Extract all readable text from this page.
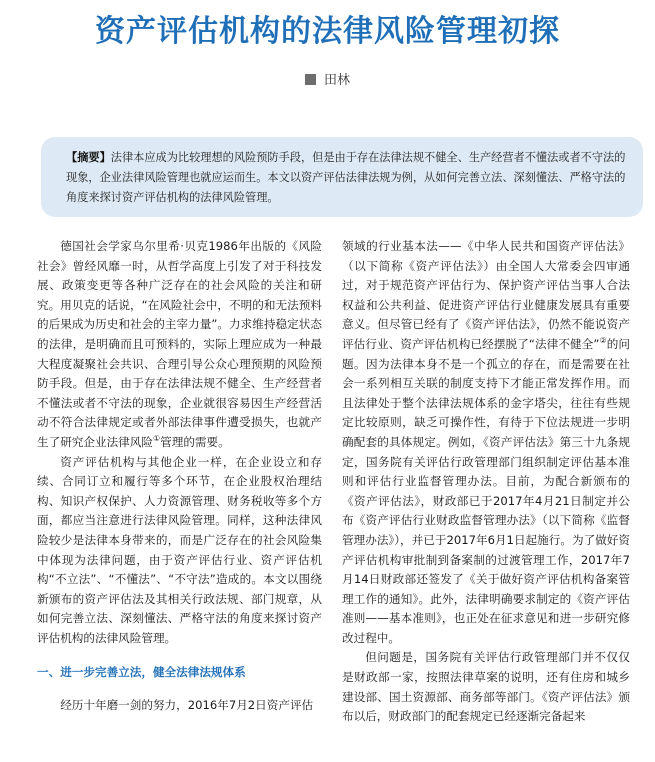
资产评估机构的法律风险管理初探
田林
【摘要】法律本应成为比较理想的风险预防手段，但是由于存在法律法规不健全、生产经营者不懂法或者不守法的现象，企业法律风险管理也就应运而生。本文以资产评估法律法规为例，从如何完善立法、深刻懂法、严格守法的角度来探讨资产评估机构的法律风险管理。

德国社会学家乌尔里希·贝克1986年出版的《风险社会》曾经风靡一时，从哲学高度上引发了对于科技发展、政策变更等各种广泛存在的社会风险的关注和研究。用贝克的话说，“在风险社会中，不明的和无法预料的后果成为历史和社会的主宰力量”。力求维持稳定状态的法律，是明确而且可预料的，实际上理应成为一种最大程度凝聚社会共识、合理引导公众心理预期的风险预防手段。但是，由于存在法律法规不健全、生产经营者不懂法或者不守法的现象，企业就很容易因生产经营活动不符合法律规定或者外部法律事件遭受损失，也就产生了研究企业法律风险①管理的需要。

资产评估机构与其他企业一样，在企业设立和存续、合同订立和履行等多个环节，在企业股权治理结构、知识产权保护、人力资源管理、财务税收等多个方面，都应当注意进行法律风险管理。同样，这种法律风险较少是法律本身带来的，而是广泛存在的社会风险集中体现为法律问题，由于资产评估行业、资产评估机构“不立法”、“不懂法”、“不守法”造成的。本文以围绕新颁布的资产评估法及其相关行政法规、部门规章，从如何完善立法、深刻懂法、严格守法的角度来探讨资产评估机构的法律风险管理。

一、进一步完善立法，健全法律法规体系

经历十年磨一剑的努力，2016年7月2日资产评估

领域的行业基本法——《中华人民共和国资产评估法》（以下简称《资产评估法》）由全国人大常委会四审通过，对于规范资产评估行为、保护资产评估当事人合法权益和公共利益、促进资产评估行业健康发展具有重要意义。但尽管已经有了《资产评估法》，仍然不能说资产评估行业、资产评估机构已经摆脱了“法律不健全”②的问题。因为法律本身不是一个孤立的存在，而是需要在社会一系列相互关联的制度支持下才能正常发挥作用。而且法律处于整个法律法规体系的金字塔尖，往往有些规定比较原则，缺乏可操作性，有待于下位法规进一步明确配套的具体规定。例如，《资产评估法》第三十九条规定，国务院有关评估行政管理部门组织制定评估基本准则和评估行业监督管理办法。目前，为配合新颁布的《资产评估法》，财政部已于2017年4月21日制定并公布《资产评估行业财政监督管理办法》（以下简称《监督管理办法》），并已于2017年6月1日起施行。为了做好资产评估机构审批制到备案制的过渡管理工作，2017年7月14日财政部还签发了《关于做好资产评估机构备案管理工作的通知》。此外，法律明确要求制定的《资产评估准则——基本准则》，也正处在征求意见和进一步研究修改过程中。

但问题是，国务院有关评估行政管理部门并不仅仅是财政部一家，按照法律草案的说明，还有住房和城乡建设部、国土资源部、商务部等部门。《资产评估法》颁布以后，财政部门的配套规定已经逐渐完备起来
